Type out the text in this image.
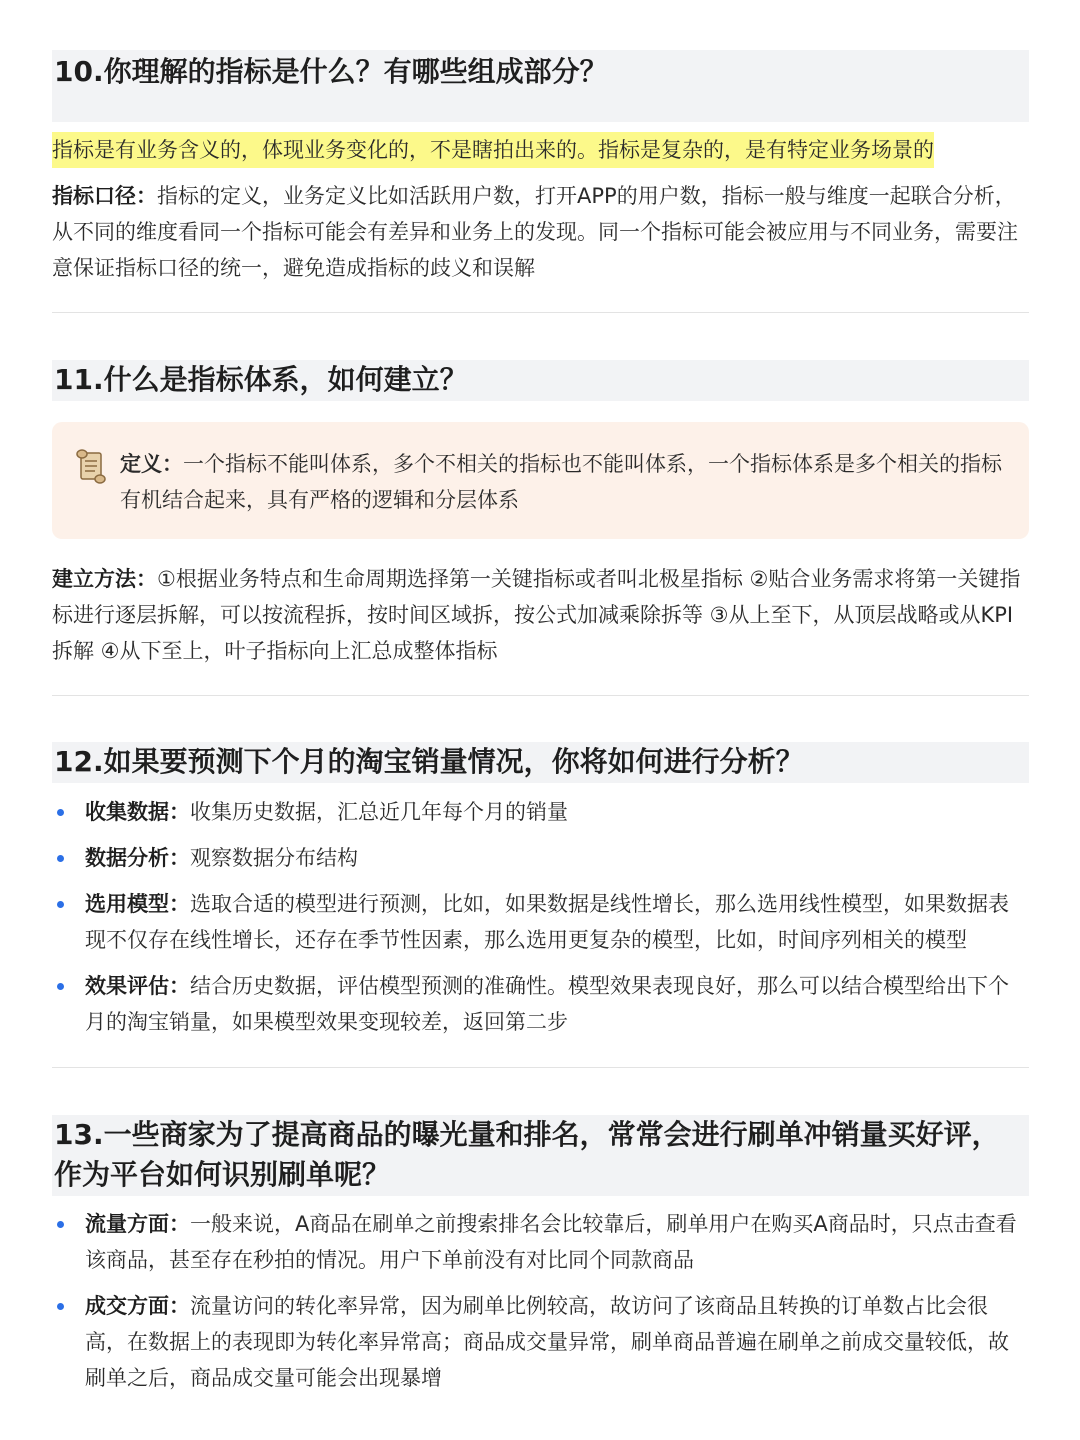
10.你理解的指标是什么？有哪些组成部分？
指标是有业务含义的，体现业务变化的，不是瞎拍出来的。指标是复杂的，是有特定业务场景的
指标口径：指标的定义，业务定义比如活跃用户数，打开APP的用户数，指标一般与维度一起联合分析，从不同的维度看同一个指标可能会有差异和业务上的发现。同一个指标可能会被应用与不同业务，需要注意保证指标口径的统一，避免造成指标的歧义和误解
11.什么是指标体系，如何建立？
定义：一个指标不能叫体系，多个不相关的指标也不能叫体系，一个指标体系是多个相关的指标有机结合起来，具有严格的逻辑和分层体系
建立方法：①根据业务特点和生命周期选择第一关键指标或者叫北极星指标 ②贴合业务需求将第一关键指标进行逐层拆解，可以按流程拆，按时间区域拆，按公式加减乘除拆等 ③从上至下，从顶层战略或从KPI拆解 ④从下至上，叶子指标向上汇总成整体指标
12.如果要预测下个月的淘宝销量情况，你将如何进行分析？
收集数据：收集历史数据，汇总近几年每个月的销量
数据分析：观察数据分布结构
选用模型：选取合适的模型进行预测，比如，如果数据是线性增长，那么选用线性模型，如果数据表现不仅存在线性增长，还存在季节性因素，那么选用更复杂的模型，比如，时间序列相关的模型
效果评估：结合历史数据，评估模型预测的准确性。模型效果表现良好，那么可以结合模型给出下个月的淘宝销量，如果模型效果变现较差，返回第二步
13.一些商家为了提高商品的曝光量和排名，常常会进行刷单冲销量买好评，作为平台如何识别刷单呢？
流量方面：一般来说，A商品在刷单之前搜索排名会比较靠后，刷单用户在购买A商品时，只点击查看该商品，甚至存在秒拍的情况。用户下单前没有对比同个同款商品
成交方面：流量访问的转化率异常，因为刷单比例较高，故访问了该商品且转换的订单数占比会很高，在数据上的表现即为转化率异常高；商品成交量异常，刷单商品普遍在刷单之前成交量较低，故刷单之后，商品成交量可能会出现暴增
